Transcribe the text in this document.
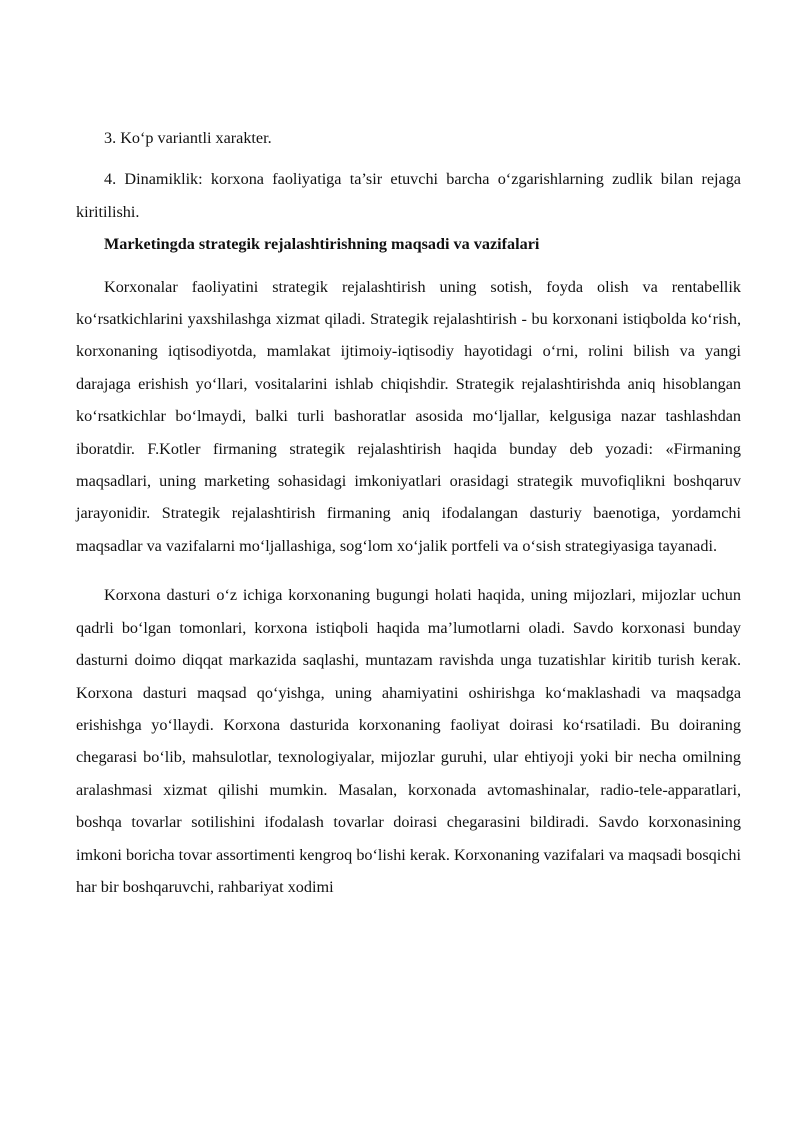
3. Ko‘p variantli xarakter.

4. Dinamiklik: korxona faoliyatiga ta’sir etuvchi barcha o‘zgarishlarning zudlik bilan rejaga kiritilishi.

Marketingda strategik rejalashtirishning maqsadi va vazifalari

Korxonalar faoliyatini strategik rejalashtirish uning sotish, foyda olish va rentabellik ko‘rsatkichlarini yaxshilashga xizmat qiladi. Strategik rejalashtirish - bu korxonani istiqbolda ko‘rish, korxonaning iqtisodiyotda, mamlakat ijtimoiy-iqtisodiy hayotidagi o‘rni, rolini bilish va yangi darajaga erishish yo‘llari, vositalarini ishlab chiqishdir. Strategik rejalashtirishda aniq hisoblangan ko‘rsatkichlar bo‘lmaydi, balki turli bashoratlar asosida mo‘ljallar, kelgusiga nazar tashlashdan iboratdir. F.Kotler firmaning strategik rejalashtirish haqida bunday deb yozadi: «Firmaning maqsadlari, uning marketing sohasidagi imkoniyatlari orasidagi strategik muvofiqlikni boshqaruv jarayonidir. Strategik rejalashtirish firmaning aniq ifodalangan dasturiy baenotiga, yordamchi maqsadlar va vazifalarni mo‘ljallashiga, sog‘lom xo‘jalik portfeli va o‘sish strategiyasiga tayanadi.

Korxona dasturi o‘z ichiga korxonaning bugungi holati haqida, uning mijozlari, mijozlar uchun qadrli bo‘lgan tomonlari, korxona istiqboli haqida ma’lumotlarni oladi. Savdo korxonasi bunday dasturni doimo diqqat markazida saqlashi, muntazam ravishda unga tuzatishlar kiritib turish kerak. Korxona dasturi maqsad qo‘yishga, uning ahamiyatini oshirishga ko‘maklashadi va maqsadga erishishga yo‘llaydi. Korxona dasturida korxonaning faoliyat doirasi ko‘rsatiladi. Bu doiraning chegarasi bo‘lib, mahsulotlar, texnologiyalar, mijozlar guruhi, ular ehtiyoji yoki bir necha omilning aralashmasi xizmat qilishi mumkin. Masalan, korxonada avtomashinalar, radio-tele-apparatlari, boshqa tovarlar sotilishini ifodalash tovarlar doirasi chegarasini bildiradi. Savdo korxonasining imkoni boricha tovar assortimenti kengroq bo‘lishi kerak. Korxonaning vazifalari va maqsadi bosqichi har bir boshqaruvchi, rahbariyat xodimi
